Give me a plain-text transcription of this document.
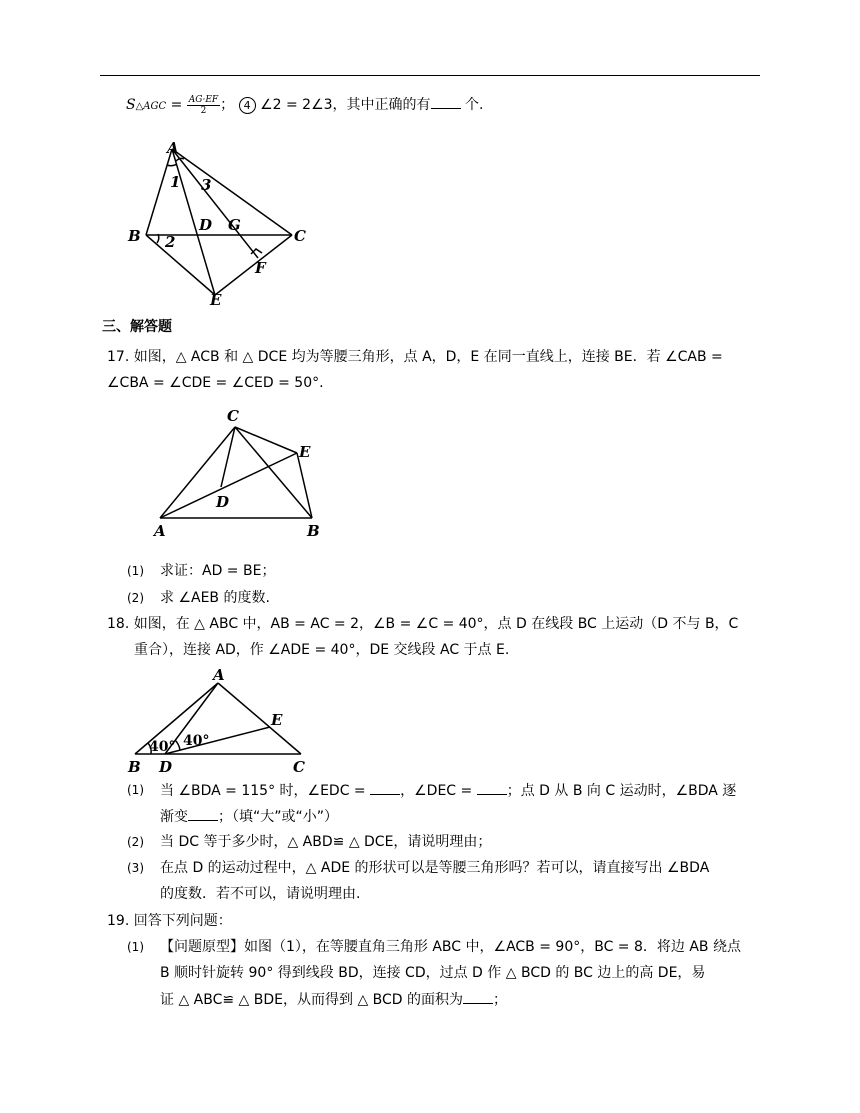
S△AGC = $\frac{AG\cdot EF}{2}$ ； 4 ∠2 = 2∠3，其中正确的有 个.
A
B	C
D G
F
E
1 3
2
三、解答题
17. 如图，△ ACB 和 △ DCE 均为等腰三角形，点 A，D，E 在同一直线上，连接 BE．若 ∠CAB =
∠CBA = ∠CDE = ∠CED = 50°.
C
E
D
A	B
(1) 求证：AD = BE；
(2) 求 ∠AEB 的度数.
18. 如图，在 △ ABC 中，AB = AC = 2，∠B = ∠C = 40°，点 D 在线段 BC 上运动（D 不与 B，C
重合），连接 AD，作 ∠ADE = 40°，DE 交线段 AC 于点 E.
A
E
B D	C
40° 40°
(1) 当 ∠BDA = 115° 时，∠EDC = ，∠DEC = ；点 D 从 B 向 C 运动时，∠BDA 逐
渐变 ；（填“大”或“小”）
(2) 当 DC 等于多少时，△ ABD≌ △ DCE，请说明理由；
(3) 在点 D 的运动过程中，△ ADE 的形状可以是等腰三角形吗？若可以，请直接写出 ∠BDA
的度数．若不可以，请说明理由.
19. 回答下列问题：
(1) 【问题原型】如图（1），在等腰直角三角形 ABC 中，∠ACB = 90°，BC = 8．将边 AB 绕点
B 顺时针旋转 90° 得到线段 BD，连接 CD，过点 D 作 △ BCD 的 BC 边上的高 DE，易
证 △ ABC≌ △ BDE，从而得到 △ BCD 的面积为 ；
